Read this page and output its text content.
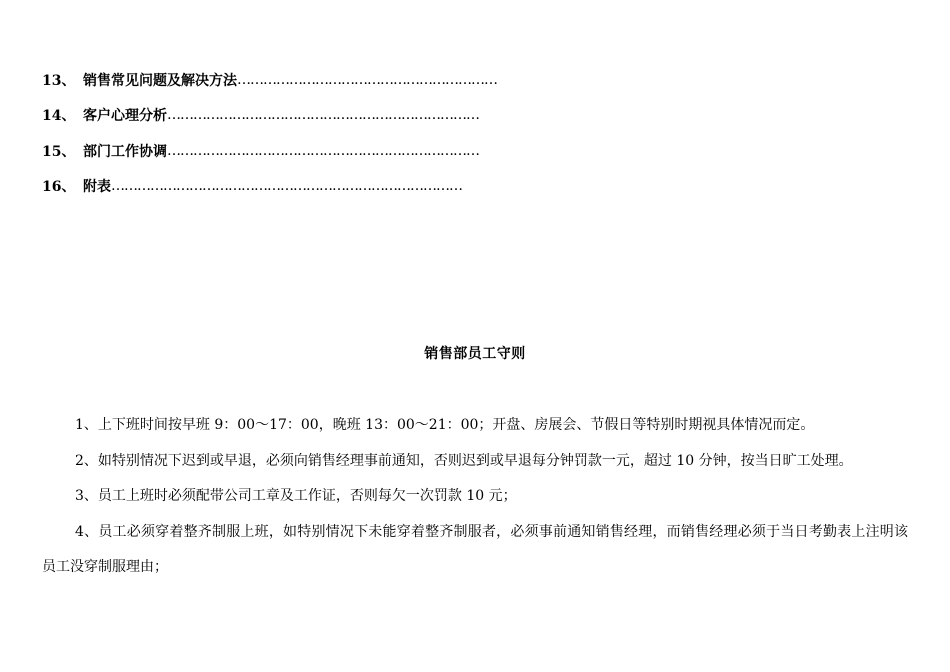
13、 销售常见问题及解决方法 ……………………………………………………
14、 客户心理分析 ………………………………………………………………
15、 部门工作协调 ………………………………………………………………
16、 附表 ………………………………………………………………………
销售部员工守则

1、上下班时间按早班 9：00～17：00，晚班 13：00～21：00；开盘、房展会、节假日等特别时期视具体情况而定。

2、如特别情况下迟到或早退，必须向销售经理事前通知，否则迟到或早退每分钟罚款一元，超过 10 分钟，按当日旷工处理。

3、员工上班时必须配带公司工章及工作证，否则每欠一次罚款 10 元；

4、员工必须穿着整齐制服上班，如特别情况下未能穿着整齐制服者，必须事前通知销售经理，而销售经理必须于当日考勤表上注明该员工没穿制服理由；
